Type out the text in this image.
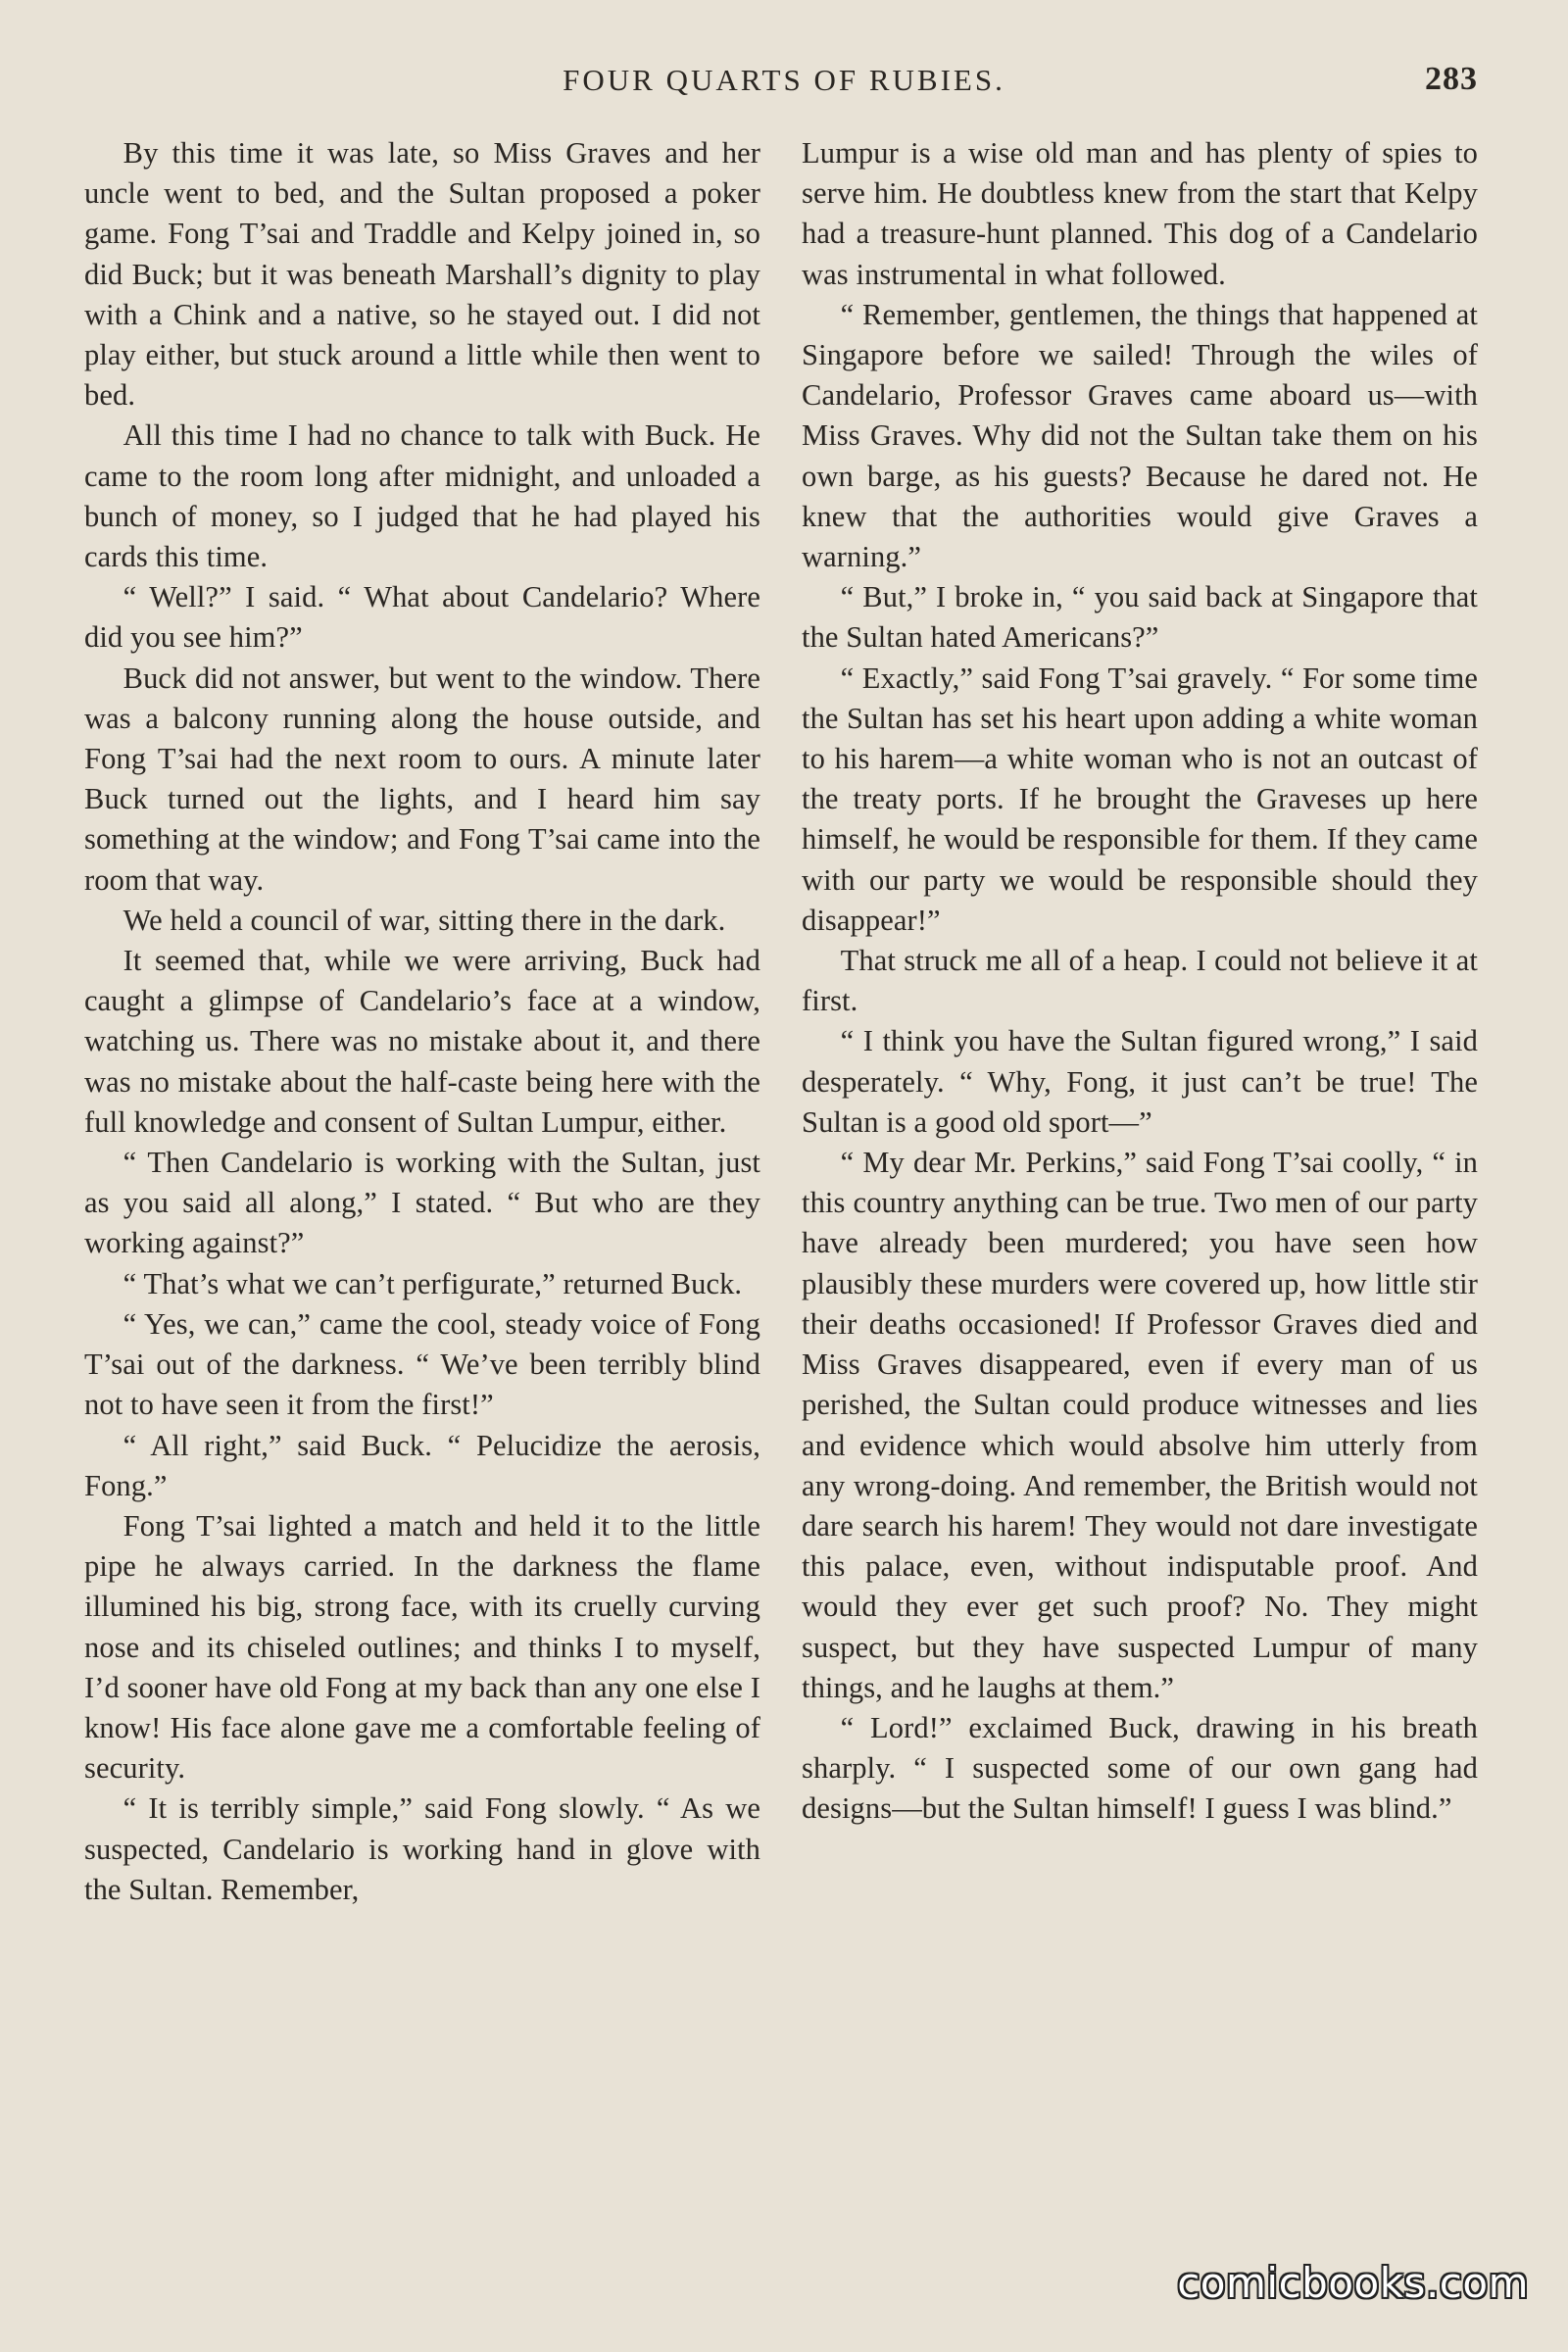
FOUR QUARTS OF RUBIES.	283

By this time it was late, so Miss Graves and her uncle went to bed, and the Sultan proposed a poker game. Fong T’sai and Traddle and Kelpy joined in, so did Buck; but it was beneath Marshall’s dignity to play with a Chink and a native, so he stayed out. I did not play either, but stuck around a little while then went to bed.

All this time I had no chance to talk with Buck. He came to the room long after midnight, and unloaded a bunch of money, so I judged that he had played his cards this time.

“ Well?” I said. “ What about Candelario? Where did you see him?”

Buck did not answer, but went to the window. There was a balcony running along the house outside, and Fong T’sai had the next room to ours. A minute later Buck turned out the lights, and I heard him say something at the window; and Fong T’sai came into the room that way.

We held a council of war, sitting there in the dark.

It seemed that, while we were arriving, Buck had caught a glimpse of Candelario’s face at a window, watching us. There was no mistake about it, and there was no mistake about the half-caste being here with the full knowledge and consent of Sultan Lumpur, either.

“ Then Candelario is working with the Sultan, just as you said all along,” I stated. “ But who are they working against?”

“ That’s what we can’t perfigurate,” returned Buck.

“ Yes, we can,” came the cool, steady voice of Fong T’sai out of the darkness. “ We’ve been terribly blind not to have seen it from the first!”

“ All right,” said Buck. “ Pelucidize the aerosis, Fong.”

Fong T’sai lighted a match and held it to the little pipe he always carried. In the darkness the flame illumined his big, strong face, with its cruelly curving nose and its chiseled outlines; and thinks I to myself, I’d sooner have old Fong at my back than any one else I know! His face alone gave me a comfortable feeling of security.

“ It is terribly simple,” said Fong slowly. “ As we suspected, Candelario is working hand in glove with the Sultan. Remember,

Lumpur is a wise old man and has plenty of spies to serve him. He doubtless knew from the start that Kelpy had a treasure-hunt planned. This dog of a Candelario was instrumental in what followed.

“ Remember, gentlemen, the things that happened at Singapore before we sailed! Through the wiles of Candelario, Professor Graves came aboard us—with Miss Graves. Why did not the Sultan take them on his own barge, as his guests? Because he dared not. He knew that the authorities would give Graves a warning.”

“ But,” I broke in, “ you said back at Singapore that the Sultan hated Americans?”

“ Exactly,” said Fong T’sai gravely. “ For some time the Sultan has set his heart upon adding a white woman to his harem—a white woman who is not an outcast of the treaty ports. If he brought the Graveses up here himself, he would be responsible for them. If they came with our party we would be responsible should they disappear!”

That struck me all of a heap. I could not believe it at first.

“ I think you have the Sultan figured wrong,” I said desperately. “ Why, Fong, it just can’t be true! The Sultan is a good old sport—”

“ My dear Mr. Perkins,” said Fong T’sai coolly, “ in this country anything can be true. Two men of our party have already been murdered; you have seen how plausibly these murders were covered up, how little stir their deaths occasioned! If Professor Graves died and Miss Graves disappeared, even if every man of us perished, the Sultan could produce witnesses and lies and evidence which would absolve him utterly from any wrong-doing. And remember, the British would not dare search his harem! They would not dare investigate this palace, even, without indisputable proof. And would they ever get such proof? No. They might suspect, but they have suspected Lumpur of many things, and he laughs at them.”

“ Lord!” exclaimed Buck, drawing in his breath sharply. “ I suspected some of our own gang had designs—but the Sultan himself! I guess I was blind.”

comicbooks.com
